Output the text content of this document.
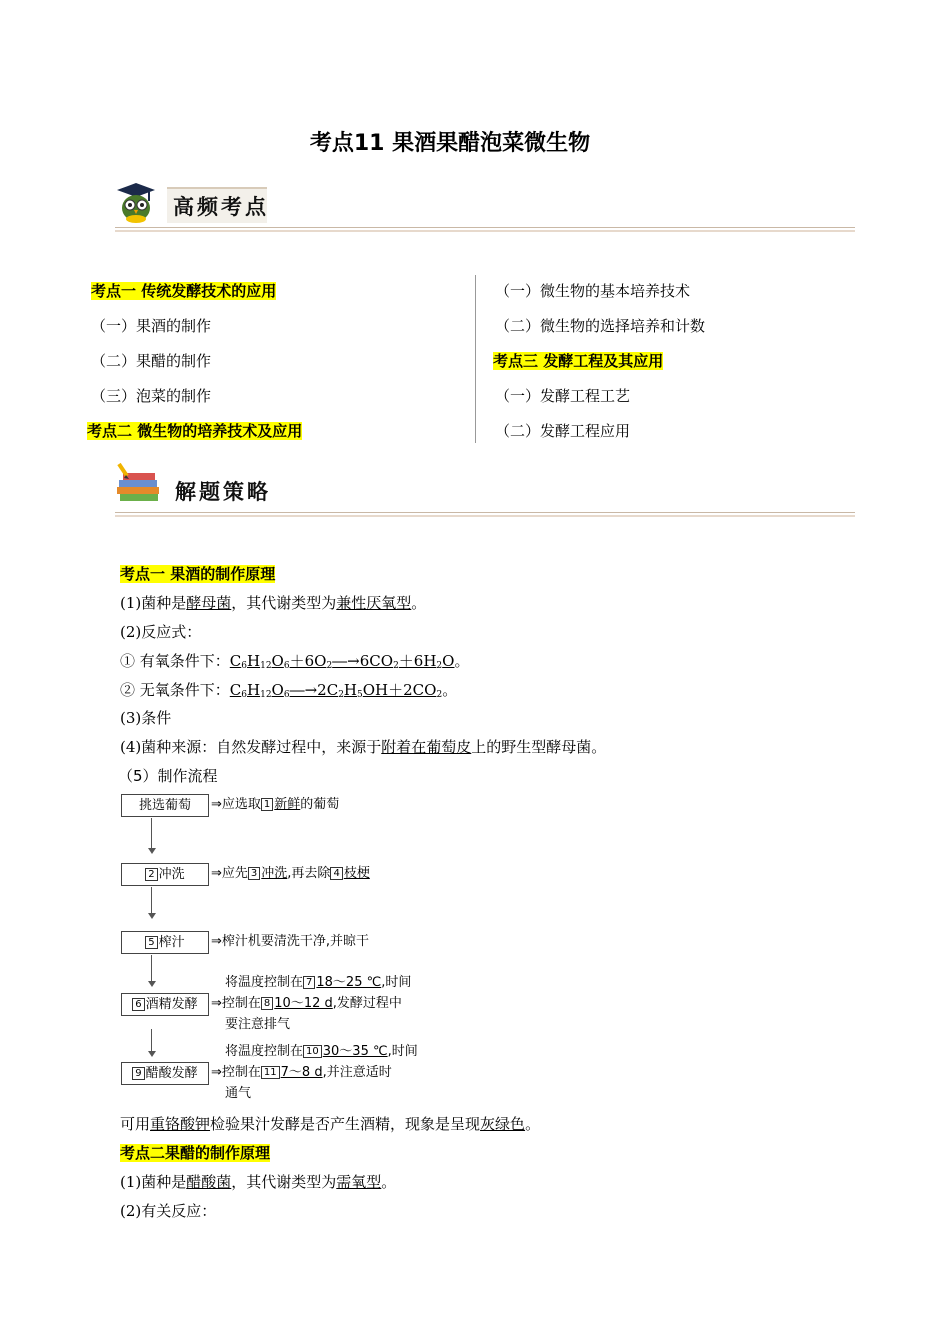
考点11 果酒果醋泡菜微生物
高频考点
考点一 传统发酵技术的应用
（一）果酒的制作
（二）果醋的制作
（三）泡菜的制作
考点二 微生物的培养技术及应用
（一）微生物的基本培养技术
（二）微生物的选择培养和计数
考点三 发酵工程及其应用
（一）发酵工程工艺
（二）发酵工程应用
解题策略
考点一 果酒的制作原理
(1)菌种是酵母菌，其代谢类型为兼性厌氧型。
(2)反应式：
① 有氧条件下：$C_6H_{12}O_6+6O_2―\to 6CO_2+6H_2O$。
② 无氧条件下：$C_6H_{12}O_6―\to 2C_2H_5OH+2CO_2$。
(3)条件
(4)菌种来源：自然发酵过程中，来源于附着在葡萄皮上的野生型酵母菌。
（5）制作流程
挑选葡萄	⇒应选取 1 新鲜的葡萄
2 冲洗	⇒应先 3 冲洗,再去除 4 枝梗
5 榨汁	⇒榨汁机要清洗干净,并晾干
6 酒精发酵
将温度控制在 7 18～25 ℃,时间
⇒控制在 8 10～12 d,发酵过程中
要注意排气
9 醋酸发酵
将温度控制在 10 30～35 ℃,时间
⇒控制在 11 7～8 d,并注意适时
通气
可用重铬酸钾检验果汁发酵是否产生酒精，现象是呈现灰绿色。
考点二果醋的制作原理
(1)菌种是醋酸菌，其代谢类型为需氧型。
(2)有关反应：
